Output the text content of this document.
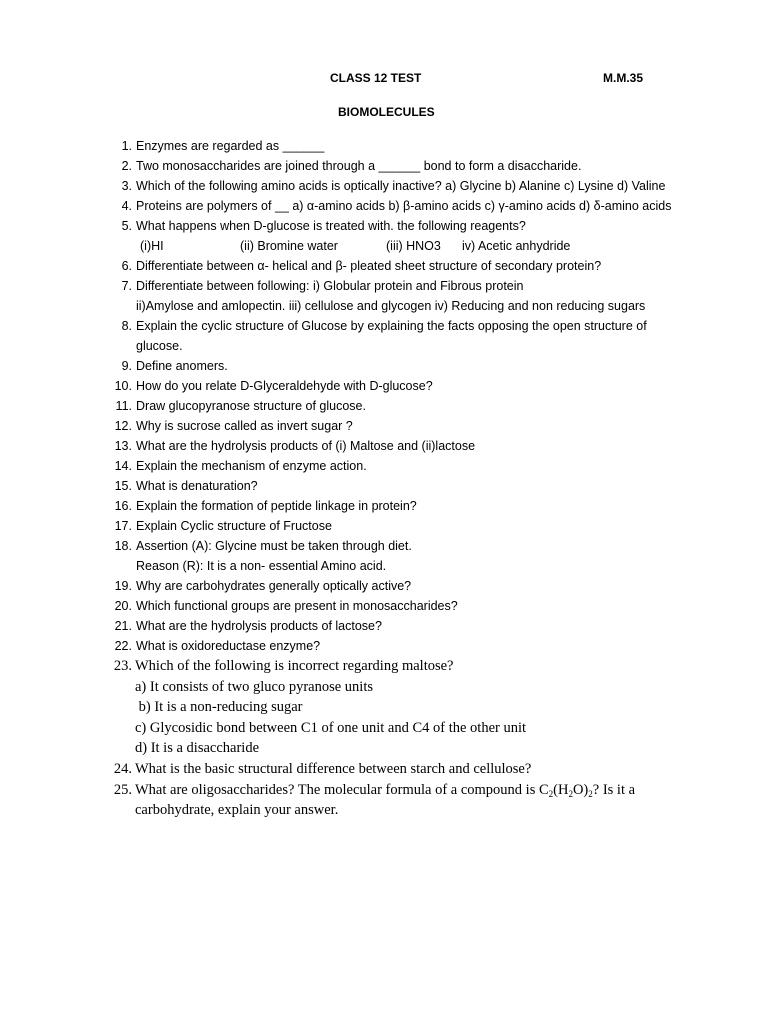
CLASS 12 TEST	M.M.35
BIOMOLECULES
1. Enzymes are regarded as ______
2. Two monosaccharides are joined through a ______ bond to form a disaccharide.
3. Which of the following amino acids is optically inactive? a) Glycine b) Alanine c) Lysine d) Valine
4. Proteins are polymers of __ a) α-amino acids b) β-amino acids c) γ-amino acids d) δ-amino acids
5. What happens when D-glucose is treated with. the following reagents?
(i)HI	(ii) Bromine water	(iii) HNO3 iv) Acetic anhydride
6. Differentiate between α- helical and β- pleated sheet structure of secondary protein?
7. Differentiate between following: i) Globular protein and Fibrous protein
ii)Amylose and amlopectin. iii) cellulose and glycogen iv) Reducing and non reducing sugars
8. Explain the cyclic structure of Glucose by explaining the facts opposing the open structure of
glucose.
9. Define anomers.
10. How do you relate D-Glyceraldehyde with D-glucose?
11. Draw glucopyranose structure of glucose.
12. Why is sucrose called as invert sugar ?
13. What are the hydrolysis products of (i) Maltose and (ii)lactose
14. Explain the mechanism of enzyme action.
15. What is denaturation?
16. Explain the formation of peptide linkage in protein?
17. Explain Cyclic structure of Fructose
18. Assertion (A): Glycine must be taken through diet.
Reason (R): It is a non- essential Amino acid.
19. Why are carbohydrates generally optically active?
20. Which functional groups are present in monosaccharides?
21. What are the hydrolysis products of lactose?
22. What is oxidoreductase enzyme?
23. Which of the following is incorrect regarding maltose?
a) It consists of two gluco pyranose units
b) It is a non-reducing sugar
c) Glycosidic bond between C1 of one unit and C4 of the other unit
d) It is a disaccharide
24. What is the basic structural difference between starch and cellulose?
25. What are oligosaccharides? The molecular formula of a compound is $C_2(H_2O)_2$? Is it a
carbohydrate, explain your answer.
